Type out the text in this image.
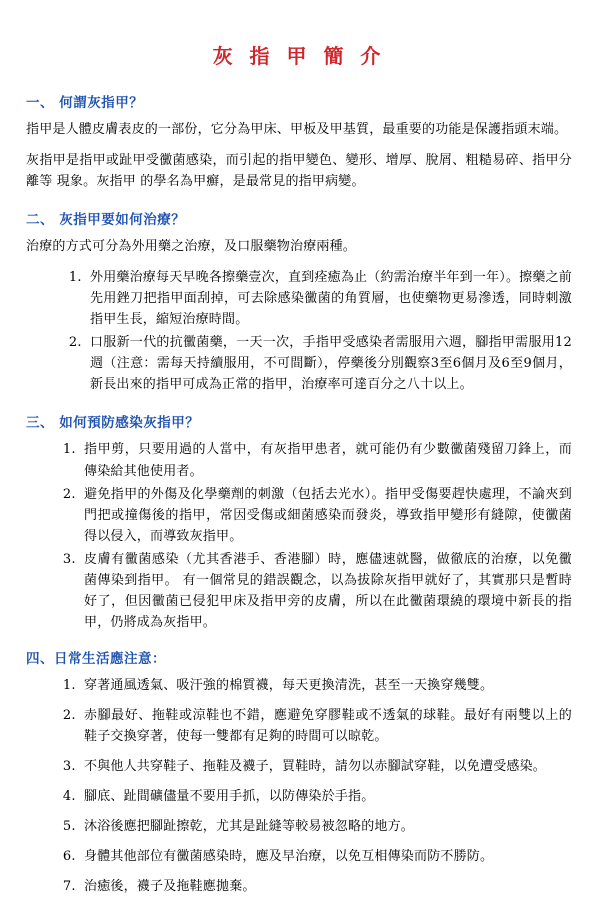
灰 指 甲 簡 介
一、 何謂灰指甲？

指甲是人體皮膚表皮的一部份，它分為甲床、甲板及甲基質，最重要的功能是保護指頭末端。

灰指甲是指甲或趾甲受黴菌感染，而引起的指甲變色、變形、增厚、脫屑、粗糙易碎、指甲分離等 現象。灰指甲 的學名為甲癬，是最常見的指甲病變。

二、 灰指甲要如何治療？

治療的方式可分為外用藥之治療，及口服藥物治療兩種。

1. 外用藥治療每天早晚各擦藥壹次，直到痊癒為止（約需治療半年到一年）。擦藥之前先用銼刀把指甲面刮掉，可去除感染黴菌的角質層，也使藥物更易滲透，同時刺激指甲生長，縮短治療時間。
2. 口服新一代的抗黴菌藥，一天一次，手指甲受感染者需服用六週，腳指甲需服用12週（注意：需每天持續服用，不可間斷），停藥後分別觀察3至6個月及6至9個月，新長出來的指甲可成為正常的指甲，治療率可達百分之八十以上。
三、 如何預防感染灰指甲？
1. 指甲剪，只要用過的人當中，有灰指甲患者，就可能仍有少數黴菌殘留刀鋒上，而傳染給其他使用者。
2. 避免指甲的外傷及化學藥劑的刺激（包括去光水）。指甲受傷要趕快處理，不論夾到門把或撞傷後的指甲，常因受傷或細菌感染而發炎，導致指甲變形有縫隙，使黴菌得以侵入，而導致灰指甲。
3. 皮膚有黴菌感染（尤其香港手、香港腳）時，應儘速就醫，做徹底的治療，以免黴菌傳染到指甲。 有一個常見的錯誤觀念，以為拔除灰指甲就好了，其實那只是暫時好了，但因黴菌已侵犯甲床及指甲旁的皮膚，所以在此黴菌環繞的環境中新長的指甲，仍將成為灰指甲。
四、日常生活應注意：
1. 穿著通風透氣、吸汗強的棉質襪，每天更換清洗，甚至一天換穿幾雙。
2. 赤腳最好、拖鞋或涼鞋也不錯，應避免穿膠鞋或不透氣的球鞋。最好有兩雙以上的鞋子交換穿著，使每一雙都有足夠的時間可以晾乾。
3. 不與他人共穿鞋子、拖鞋及襪子，買鞋時，請勿以赤腳試穿鞋，以免遭受感染。
4. 腳底、趾間礦儘量不要用手抓，以防傳染於手指。
5. 沐浴後應把腳趾擦乾，尤其是趾縫等較易被忽略的地方。
6. 身體其他部位有黴菌感染時，應及早治療，以免互相傳染而防不勝防。
7. 治癒後，襪子及拖鞋應拋棄。
